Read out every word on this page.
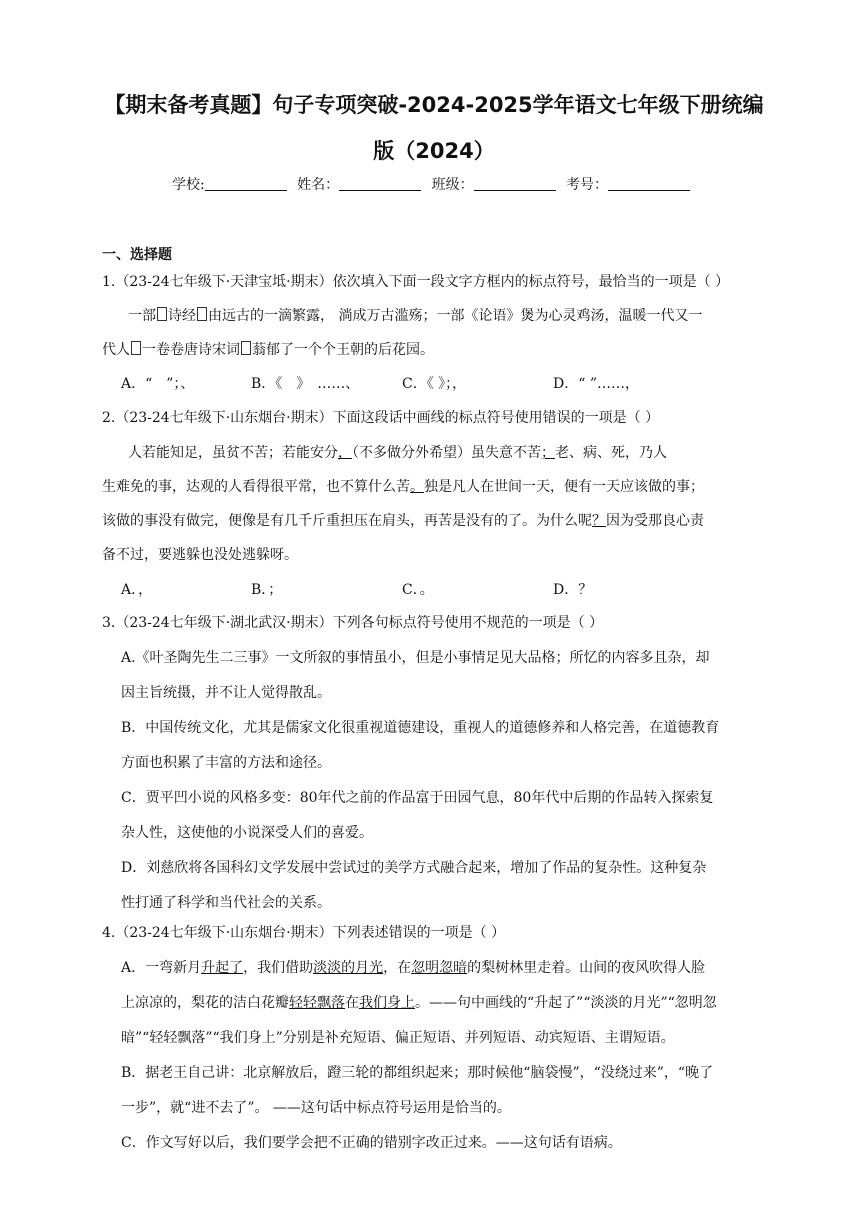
【期末备考真题】句子专项突破-2024-2025学年语文七年级下册统编
版（2024）
学校:	姓名：	班级：	考号：
一、选择题
1.（23-24七年级下·天津宝坻·期末）依次填入下面一段文字方框内的标点符号，最恰当的一项是（ ）
一部 诗经 由远古的一滴繁露， 淌成万古滥殇；一部《论语》煲为心灵鸡汤，温暖一代又一
代人 一卷卷唐诗宋词 蓊郁了一个个王朝的后花园。
A．“　”；、	B．《　》　……、	C．《 》；，	D．“ ”……，
2.（23-24七年级下·山东烟台·期末）下面这段话中画线的标点符号使用错误的一项是（ ）
人若能知足，虽贫不苦；若能安分，（不多做分外希望）虽失意不苦；老、病、死，乃人
生难免的事，达观的人看得很平常，也不算什么苦。独是凡人在世间一天，便有一天应该做的事；
该做的事没有做完，便像是有几千斤重担压在肩头，再苦是没有的了。为什么呢？因为受那良心责
备不过，要逃躲也没处逃躲呀。
A．，	B．；	C．。	D．？
3.（23-24七年级下·湖北武汉·期末）下列各句标点符号使用不规范的一项是（ ）
A.《叶圣陶先生二三事》一文所叙的事情虽小，但是小事情足见大品格；所忆的内容多且杂，却
因主旨统摄，并不让人觉得散乱。
B．中国传统文化，尤其是儒家文化很重视道德建设，重视人的道德修养和人格完善，在道德教育
方面也积累了丰富的方法和途径。
C．贾平凹小说的风格多变：80年代之前的作品富于田园气息，80年代中后期的作品转入探索复
杂人性，这使他的小说深受人们的喜爱。
D．刘慈欣将各国科幻文学发展中尝试过的美学方式融合起来，增加了作品的复杂性。这种复杂
性打通了科学和当代社会的关系。
4.（23-24七年级下·山东烟台·期末）下列表述错误的一项是（ ）
A．一弯新月升起了，我们借助淡淡的月光，在忽明忽暗的梨树林里走着。山间的夜风吹得人脸
上凉凉的，梨花的洁白花瓣轻轻飘落在我们身上。——句中画线的“升起了”“淡淡的月光”“忽明忽
暗”“轻轻飘落”“我们身上”分别是补充短语、偏正短语、并列短语、动宾短语、主谓短语。
B．据老王自己讲：北京解放后，蹬三轮的都组织起来；那时候他“脑袋慢”，“没绕过来”，“晚了
一步”，就“进不去了”。 ——这句话中标点符号运用是恰当的。
C．作文写好以后，我们要学会把不正确的错别字改正过来。——这句话有语病。
